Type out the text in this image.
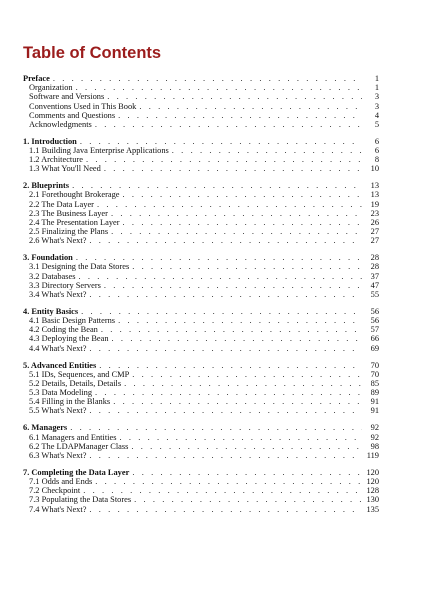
Table of Contents
Preface . . .	1
Organization . . .	1
Software and Versions . . .	3
Conventions Used in This Book . . .	3
Comments and Questions . . .	4
Acknowledgments . . .	5
1. Introduction . . .	6
1.1 Building Java Enterprise Applications . . .	6
1.2 Architecture . . .	8
1.3 What You'll Need . . .	10
2. Blueprints . . .	13
2.1 Forethought Brokerage . . .	13
2.2 The Data Layer . . .	19
2.3 The Business Layer . . .	23
2.4 The Presentation Layer . . .	26
2.5 Finalizing the Plans . . .	27
2.6 What's Next? . . .	27
3. Foundation . . .	28
3.1 Designing the Data Stores . . .	28
3.2 Databases . . .	37
3.3 Directory Servers . . .	47
3.4 What's Next? . . .	55
4. Entity Basics . . .	56
4.1 Basic Design Patterns . . .	56
4.2 Coding the Bean . . .	57
4.3 Deploying the Bean . . .	66
4.4 What's Next? . . .	69
5. Advanced Entities . . .	70
5.1 IDs, Sequences, and CMP . . .	70
5.2 Details, Details, Details . . .	85
5.3 Data Modeling . . .	89
5.4 Filling in the Blanks . . .	91
5.5 What's Next? . . .	91
6. Managers . . .	92
6.1 Managers and Entities . . .	92
6.2 The LDAPManager Class . . .	98
6.3 What's Next? . . .	119
7. Completing the Data Layer . . .	120
7.1 Odds and Ends . . .	120
7.2 Checkpoint . . .	128
7.3 Populating the Data Stores . . .	130
7.4 What's Next? . . .	135
